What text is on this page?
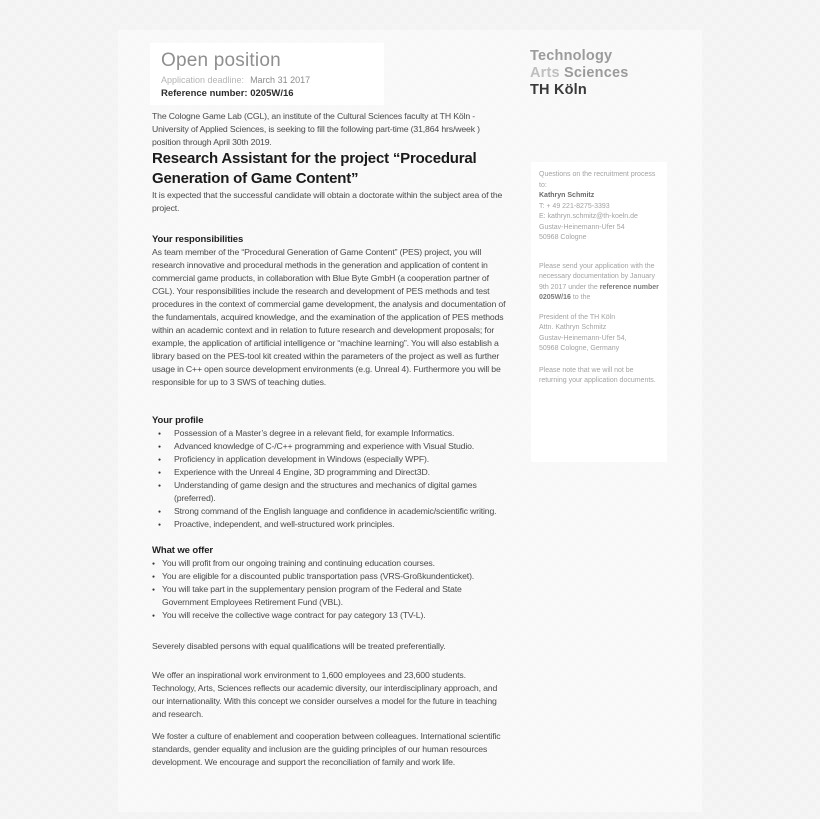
Open position
Application deadline: March 31 2017
Reference number: 0205W/16
Technology
Arts Sciences
TH Köln

The Cologne Game Lab (CGL), an institute of the Cultural Sciences faculty at TH Köln - University of Applied Sciences, is seeking to fill the following part-time (31,864 hrs/week ) position through April 30th 2019.

Research Assistant for the project “Procedural Generation of Game Content”

It is expected that the successful candidate will obtain a doctorate within the subject area of the project.

Your responsibilities

As team member of the “Procedural Generation of Game Content” (PES) project, you will research innovative and procedural methods in the generation and application of content in commercial game products, in collaboration with Blue Byte GmbH (a cooperation partner of CGL). Your responsibilities include the research and development of PES methods and test procedures in the context of commercial game development, the analysis and documentation of the fundamentals, acquired knowledge, and the examination of the application of PES methods within an academic context and in relation to future research and development proposals; for example, the application of artificial intelligence or “machine learning”. You will also establish a library based on the PES-tool kit created within the parameters of the project as well as further usage in C++ open source development environments (e.g. Unreal 4). Furthermore you will be responsible for up to 3 SWS of teaching duties.

Your profile

● Possession of a Master’s degree in a relevant field, for example Informatics.
● Advanced knowledge of C-/C++ programming and experience with Visual Studio.
● Proficiency in application development in Windows (especially WPF).
● Experience with the Unreal 4 Engine, 3D programming and Direct3D.
● Understanding of game design and the structures and mechanics of digital games (preferred).
● Strong command of the English language and confidence in academic/scientific writing.
● Proactive, independent, and well-structured work principles.

What we offer

● You will profit from our ongoing training and continuing education courses.
● You are eligible for a discounted public transportation pass (VRS-Großkundenticket).
● You will take part in the supplementary pension program of the Federal and State Government Employees Retirement Fund (VBL).
● You will receive the collective wage contract for pay category 13 (TV-L).

Severely disabled persons with equal qualifications will be treated preferentially.

We offer an inspirational work environment to 1,600 employees and 23,600 students. Technology, Arts, Sciences reflects our academic diversity, our interdisciplinary approach, and our internationality. With this concept we consider ourselves a model for the future in teaching and research.

We foster a culture of enablement and cooperation between colleagues. International scientific standards, gender equality and inclusion are the guiding principles of our human resources development. We encourage and support the reconciliation of family and work life.

Questions on the recruitment process to:

Kathryn Schmitz

T: + 49 221-8275-3393

E: kathryn.schmitz@th-koeln.de

Gustav-Heinemann-Ufer 54

50968 Cologne

Please send your application with the necessary documentation by January 9th 2017 under the reference number 0205W/16 to the

President of the TH Köln

Attn. Kathryn Schmitz

Gustav-Heinemann-Ufer 54,

50968 Cologne, Germany

Please note that we will not be returning your application documents.
